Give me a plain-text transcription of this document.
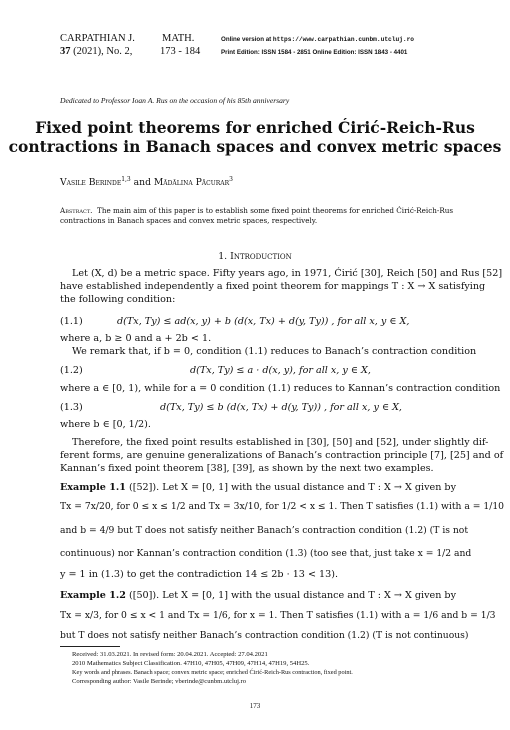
CARPATHIAN J.	MATH.
37 (2021), No. 2,	173 - 184
Online version at https://www.carpathian.cunbm.utcluj.ro
Print Edition: ISSN 1584 - 2851 Online Edition: ISSN 1843 - 4401
Dedicated to Professor Ioan A. Rus on the occasion of his 85th anniversary
Fixed point theorems for enriched Ćirić-Reich-Rus
contractions in Banach spaces and convex metric spaces
Vasile Berinde$^{1,3}$ and Mădălina Păcurar$^3$
Abstract. The main aim of this paper is to establish some fixed point theorems for enriched Ćirić-Reich-Rus
contractions in Banach spaces and convex metric spaces, respectively.
1. Introduction
Let (X, d) be a metric space. Fifty years ago, in 1971, Ćirić [30], Reich [50] and Rus [52]
have established independently a fixed point theorem for mappings T : X → X satisfying
the following condition:
(1.1)	d(Tx, Ty) ≤ ad(x, y) + b (d(x, Tx) + d(y, Ty)) , for all x, y ∈ X,
where a, b ≥ 0 and a + 2b < 1.
We remark that, if b = 0, condition (1.1) reduces to Banach’s contraction condition
(1.2)	d(Tx, Ty) ≤ a · d(x, y), for all x, y ∈ X,
where a ∈ [0, 1), while for a = 0 condition (1.1) reduces to Kannan’s contraction condition
(1.3)	d(Tx, Ty) ≤ b (d(x, Tx) + d(y, Ty)) , for all x, y ∈ X,
where b ∈ [0, 1/2).
Therefore, the fixed point results established in [30], [50] and [52], under slightly dif-
ferent forms, are genuine generalizations of Banach’s contraction principle [7], [25] and of
Kannan’s fixed point theorem [38], [39], as shown by the next two examples.
Example 1.1 ([52]). Let X = [0, 1] with the usual distance and T : X → X given by
Tx = 7x/20, for 0 ≤ x ≤ 1/2 and Tx = 3x/10, for 1/2 < x ≤ 1. Then T satisfies (1.1) with a = 1/10
and b = 4/9 but T does not satisfy neither Banach’s contraction condition (1.2) (T is not
continuous) nor Kannan’s contraction condition (1.3) (too see that, just take x = 1/2 and
y = 1 in (1.3) to get the contradiction 14 ≤ 2b · 13 < 13).
Example 1.2 ([50]). Let X = [0, 1] with the usual distance and T : X → X given by
Tx = x/3, for 0 ≤ x < 1 and Tx = 1/6, for x = 1. Then T satisfies (1.1) with a = 1/6 and b = 1/3
but T does not satisfy neither Banach’s contraction condition (1.2) (T is not continuous)
Received: 31.03.2021. In revised form: 20.04.2021. Accepted: 27.04.2021
2010 Mathematics Subject Classification. 47H10, 47H05, 47H09, 47H14, 47H19, 54H25.
Key words and phrases. Banach space; convex metric space; enriched Ćirić-Reich-Rus contraction, fixed point.
Corresponding author: Vasile Berinde; vberinde@cunbm.utcluj.ro
173
